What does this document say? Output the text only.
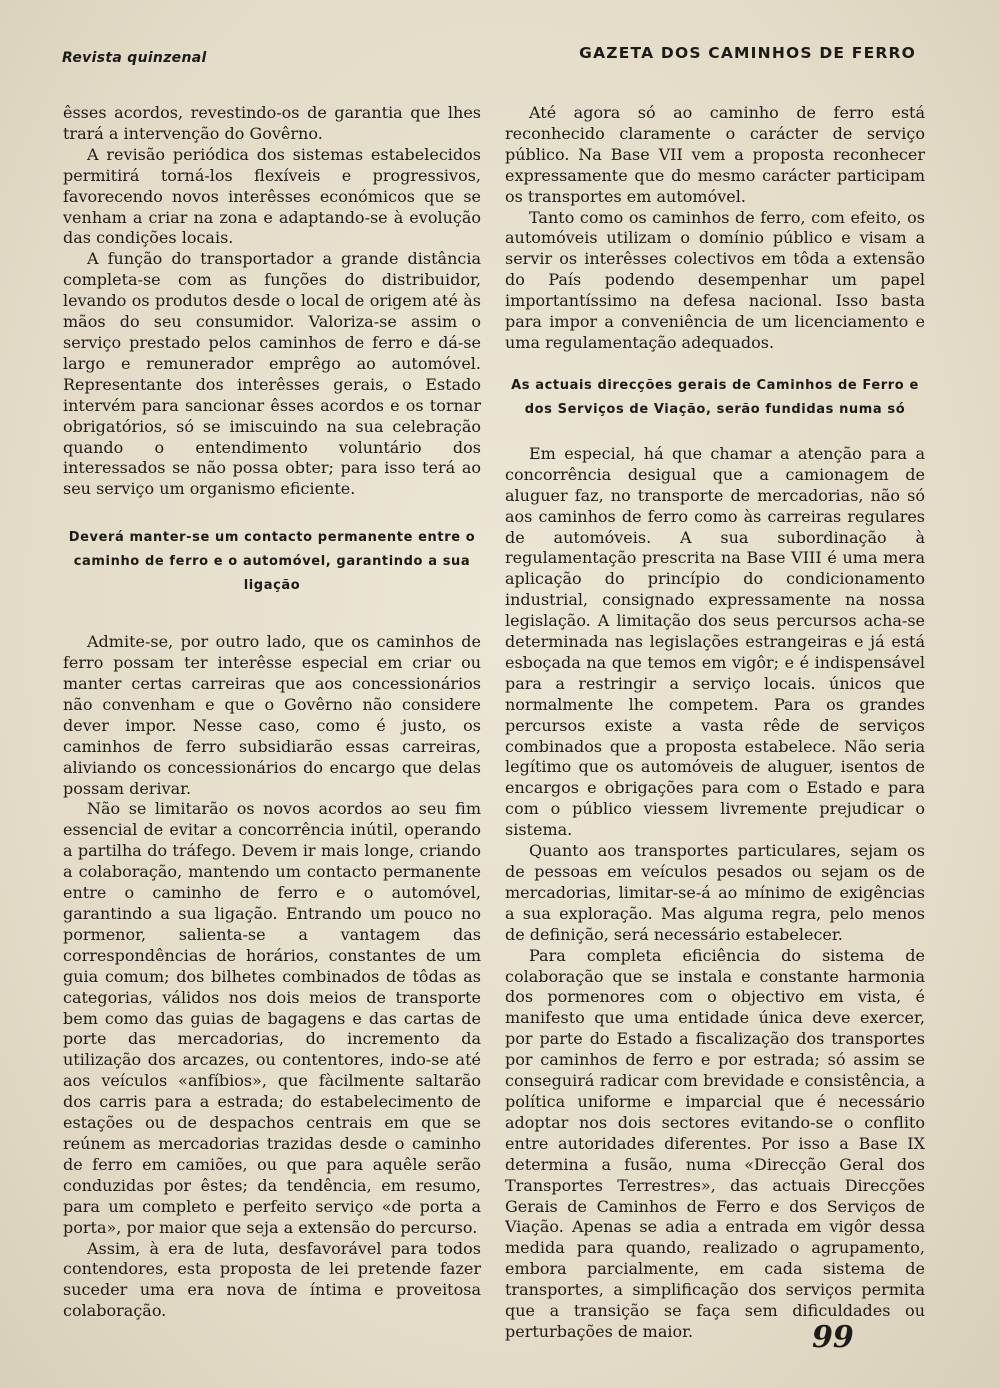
Revista quinzenal	GAZETA DOS CAMINHOS DE FERRO

êsses acordos, revestindo-os de garantia que lhes trará a intervenção do Govêrno.

A revisão periódica dos sistemas estabelecidos permitirá torná-los flexíveis e progressivos, favorecendo novos interêsses económicos que se venham a criar na zona e adaptando-se à evolução das condições locais.

A função do transportador a grande distância completa-se com as funções do distribuidor, levando os produtos desde o local de origem até às mãos do seu consumidor. Valoriza-se assim o serviço prestado pelos caminhos de ferro e dá-se largo e remunerador emprêgo ao automóvel. Representante dos interêsses gerais, o Estado intervém para sancionar êsses acordos e os tornar obrigatórios, só se imiscuindo na sua celebração quando o entendimento voluntário dos interessados se não possa obter; para isso terá ao seu serviço um organismo eficiente.

Deverá manter-se um contacto permanente entre o caminho de ferro e o automóvel, garantindo a sua ligação

Admite-se, por outro lado, que os caminhos de ferro possam ter interêsse especial em criar ou manter certas carreiras que aos concessionários não convenham e que o Govêrno não considere dever impor. Nesse caso, como é justo, os caminhos de ferro subsidiarão essas carreiras, aliviando os concessionários do encargo que delas possam derivar.

Não se limitarão os novos acordos ao seu fim essencial de evitar a concorrência inútil, operando a partilha do tráfego. Devem ir mais longe, criando a colaboração, mantendo um contacto permanente entre o caminho de ferro e o automóvel, garantindo a sua ligação. Entrando um pouco no pormenor, salienta-se a vantagem das correspondências de horários, constantes de um guia comum; dos bilhetes combinados de tôdas as categorias, válidos nos dois meios de transporte bem como das guias de bagagens e das cartas de porte das mercadorias, do incremento da utilização dos arcazes, ou contentores, indo-se até aos veículos «anfíbios», que fàcilmente saltarão dos carris para a estrada; do estabelecimento de estações ou de despachos centrais em que se reúnem as mercadorias trazidas desde o caminho de ferro em camiões, ou que para aquêle serão conduzidas por êstes; da tendência, em resumo, para um completo e perfeito serviço «de porta a porta», por maior que seja a extensão do percurso.

Assim, à era de luta, desfavorável para todos contendores, esta proposta de lei pretende fazer suceder uma era nova de íntima e proveitosa colaboração.

Até agora só ao caminho de ferro está reconhecido claramente o carácter de serviço público. Na Base VII vem a proposta reconhecer expressamente que do mesmo carácter participam os transportes em automóvel.

Tanto como os caminhos de ferro, com efeito, os automóveis utilizam o domínio público e visam a servir os interêsses colectivos em tôda a extensão do País podendo desempenhar um papel importantíssimo na defesa nacional. Isso basta para impor a conveniência de um licenciamento e uma regulamentação adequados.

As actuais direcções gerais de Caminhos de Ferro e dos Serviços de Viação, serão fundidas numa só

Em especial, há que chamar a atenção para a concorrência desigual que a camionagem de aluguer faz, no transporte de mercadorias, não só aos caminhos de ferro como às carreiras regulares de automóveis. A sua subordinação à regulamentação prescrita na Base VIII é uma mera aplicação do princípio do condicionamento industrial, consignado expressamente na nossa legislação. A limitação dos seus percursos acha-se determinada nas legislações estrangeiras e já está esboçada na que temos em vigôr; e é indispensável para a restringir a serviço locais. únicos que normalmente lhe competem. Para os grandes percursos existe a vasta rêde de serviços combinados que a proposta estabelece. Não seria legítimo que os automóveis de aluguer, isentos de encargos e obrigações para com o Estado e para com o público viessem livremente prejudicar o sistema.

Quanto aos transportes particulares, sejam os de pessoas em veículos pesados ou sejam os de mercadorias, limitar-se-á ao mínimo de exigências a sua exploração. Mas alguma regra, pelo menos de definição, será necessário estabelecer.

Para completa eficiência do sistema de colaboração que se instala e constante harmonia dos pormenores com o objectivo em vista, é manifesto que uma entidade única deve exercer, por parte do Estado a fiscalização dos transportes por caminhos de ferro e por estrada; só assim se conseguirá radicar com brevidade e consistência, a política uniforme e imparcial que é necessário adoptar nos dois sectores evitando-se o conflito entre autoridades diferentes. Por isso a Base IX determina a fusão, numa «Direcção Geral dos Transportes Terrestres», das actuais Direcções Gerais de Caminhos de Ferro e dos Serviços de Viação. Apenas se adia a entrada em vigôr dessa medida para quando, realizado o agrupamento, embora parcialmente, em cada sistema de transportes, a simplificação dos serviços permita que a transição se faça sem dificuldades ou perturbações de maior.	99
